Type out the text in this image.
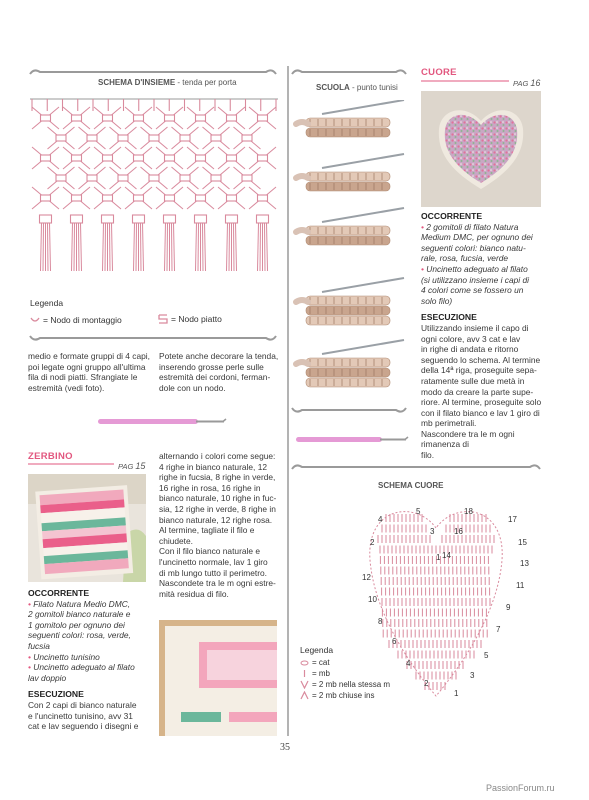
SCHEMA D'INSIEME - tenda per porta
Legenda
= Nodo di montaggio	= Nodo piatto

medio e formate gruppi di 4 capi,

poi legate ogni gruppo all'ultima

fila di nodi piatti. Sfrangiate le

estremità (vedi foto).

Potete anche decorare la tenda,

inserendo grosse perle sulle

estremità dei cordoni, ferman-

dole con un nodo.

ZERBINO
PAG 15

OCCORRENTE

• Filato Natura Medio DMC,

2 gomitoli bianco naturale e

1 gomitolo per ognuno dei

seguenti colori: rosa, verde,

fucsia

• Uncinetto tunisino

• Uncinetto adeguato al filato

lav doppio

ESECUZIONE

Con 2 capi di bianco naturale

e l'uncinetto tunisino, avv 31

cat e lav seguendo i disegni e

alternando i colori come segue:

4 righe in bianco naturale, 12

righe in fucsia, 8 righe in verde,

16 righe in rosa, 16 righe in

bianco naturale, 10 righe in fuc-

sia, 12 righe in verde, 8 righe in

bianco naturale, 12 righe rosa.

Al termine, tagliate il filo e

chiudete.

Con il filo bianco naturale e

l'uncinetto normale, lav 1 giro

di mb lungo tutto il perimetro.

Nascondete tra le m ogni estre-

mità residua di filo.

SCUOLA - punto tunisi
CUORE
PAG 16

OCCORRENTE

• 2 gomitoli di filato Natura

Medium DMC, per ognuno dei

seguenti colori: bianco natu-

rale, rosa, fucsia, verde

• Uncinetto adeguato al filato

(si utilizzano insieme i capi di

4 colori come se fossero un

solo filo)

ESECUZIONE

Utilizzando insieme il capo di

ogni colore, avv 3 cat e lav

in righe di andata e ritorno

seguendo lo schema. Al termine

della 14ª riga, proseguite sepa-

ratamente sulle due metà in

modo da creare la parte supe-

riore. Al termine, proseguite solo

con il filato bianco e lav 1 giro di

mb perimetrali.

Nascondere tra le m ogni rimanenza di

filo.

SCHEMA CUORE
4
2
12
10
8
6
4
2
17
15
13
11
9
7
5
3
1
5
3
1 14
16
18
Legenda
= cat
= mb
= 2 mb nella stessa m
= 2 mb chiuse ins
35
PassionForum.ru
